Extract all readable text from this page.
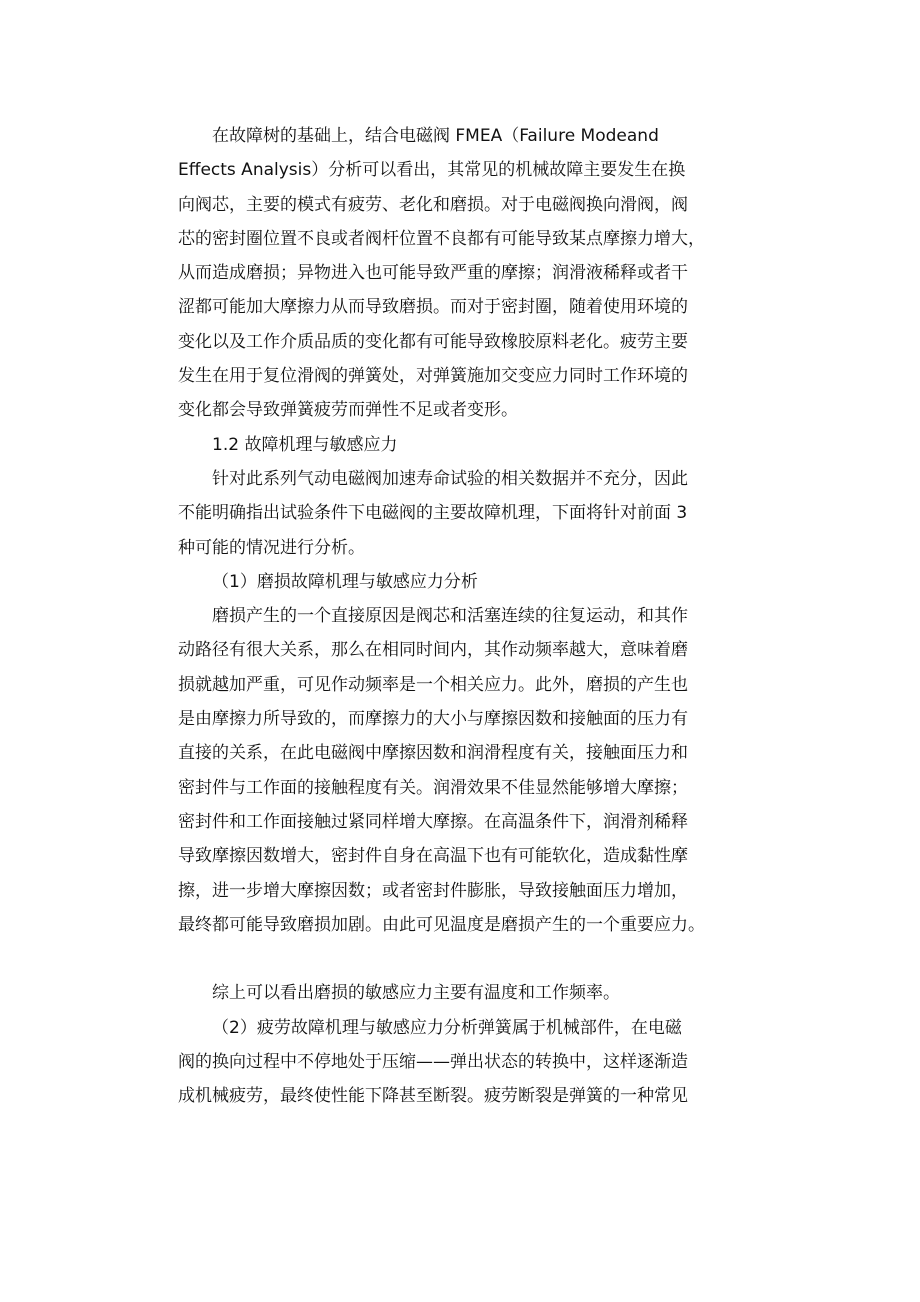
在故障树的基础上，结合电磁阀 FMEA（Failure Modeand
Effects Analysis）分析可以看出，其常见的机械故障主要发生在换
向阀芯，主要的模式有疲劳、老化和磨损。对于电磁阀换向滑阀，阀
芯的密封圈位置不良或者阀杆位置不良都有可能导致某点摩擦力增大，
从而造成磨损；异物进入也可能导致严重的摩擦；润滑液稀释或者干
涩都可能加大摩擦力从而导致磨损。而对于密封圈，随着使用环境的
变化以及工作介质品质的变化都有可能导致橡胶原料老化。疲劳主要
发生在用于复位滑阀的弹簧处，对弹簧施加交变应力同时工作环境的
变化都会导致弹簧疲劳而弹性不足或者变形。
1.2 故障机理与敏感应力
针对此系列气动电磁阀加速寿命试验的相关数据并不充分，因此
不能明确指出试验条件下电磁阀的主要故障机理，下面将针对前面 3
种可能的情况进行分析。
（1）磨损故障机理与敏感应力分析
磨损产生的一个直接原因是阀芯和活塞连续的往复运动，和其作
动路径有很大关系，那么在相同时间内，其作动频率越大，意味着磨
损就越加严重，可见作动频率是一个相关应力。此外，磨损的产生也
是由摩擦力所导致的，而摩擦力的大小与摩擦因数和接触面的压力有
直接的关系，在此电磁阀中摩擦因数和润滑程度有关，接触面压力和
密封件与工作面的接触程度有关。润滑效果不佳显然能够增大摩擦；
密封件和工作面接触过紧同样增大摩擦。在高温条件下，润滑剂稀释
导致摩擦因数增大，密封件自身在高温下也有可能软化，造成黏性摩
擦，进一步增大摩擦因数；或者密封件膨胀，导致接触面压力增加，
最终都可能导致磨损加剧。由此可见温度是磨损产生的一个重要应力。
综上可以看出磨损的敏感应力主要有温度和工作频率。
（2）疲劳故障机理与敏感应力分析弹簧属于机械部件，在电磁
阀的换向过程中不停地处于压缩——弹出状态的转换中，这样逐渐造
成机械疲劳，最终使性能下降甚至断裂。疲劳断裂是弹簧的一种常见
